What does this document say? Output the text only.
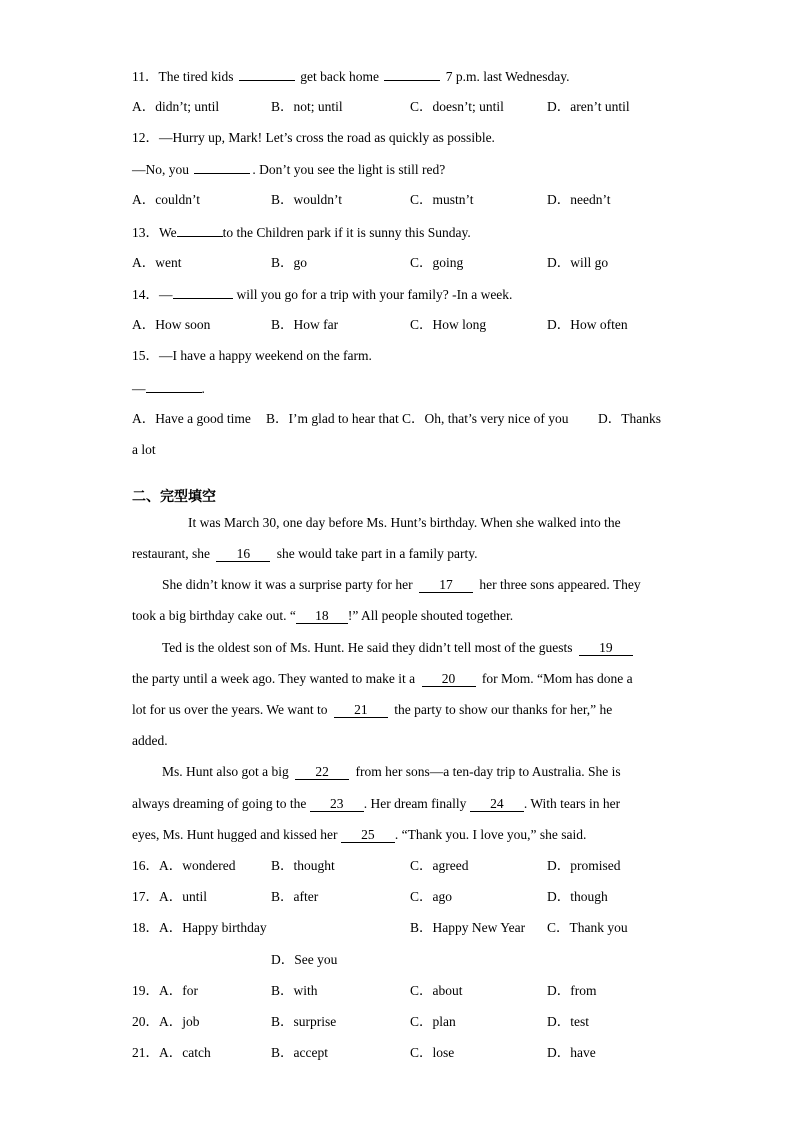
11．The tired kids	get back home	7 p.m. last Wednesday.
A．didn’t; until	B．not; until	C．doesn’t; until	D．aren’t until
12．—Hurry up, Mark! Let’s cross the road as quickly as possible.
—No, you	. Don’t you see the light is still red?
A．couldn’t	B．wouldn’t	C．mustn’t	D．needn’t
13．We	to the Children park if it is sunny this Sunday.
A．went	B．go	C．going	D．will go
14．—	will you go for a trip with your family? -In a week.
A．How soon	B．How far	C．How long	D．How often
15．—I have a happy weekend on the farm.
—	.
A．Have a good time B．I’m glad to hear that C．Oh, that’s very nice of you D．Thanks
a lot
二、完型填空
It was March 30, one day before Ms. Hunt’s birthday. When she walked into the
restaurant, she 16 she would take part in a family party.
She didn’t know it was a surprise party for her 17 her three sons appeared. They
took a big birthday cake out. “ 18 !” All people shouted together.
Ted is the oldest son of Ms. Hunt. He said they didn’t tell most of the guests 19
the party until a week ago. They wanted to make it a 20 for Mom. “Mom has done a
lot for us over the years. We want to 21 the party to show our thanks for her,” he
added.
Ms. Hunt also got a big 22 from her sons—a ten-day trip to Australia. She is
always dreaming of going to the 23 . Her dream finally 24 . With tears in her
eyes, Ms. Hunt hugged and kissed her 25 . “Thank you. I love you,” she said.
16．A．wondered	B．thought	C．agreed	D．promised
17．A．until	B．after	C．ago	D．though
18．A．Happy birthday	B．Happy New Year C．Thank you
D．See you
19．A．for	B．with	C．about	D．from
20．A．job	B．surprise	C．plan	D．test
21．A．catch	B．accept	C．lose	D．have
